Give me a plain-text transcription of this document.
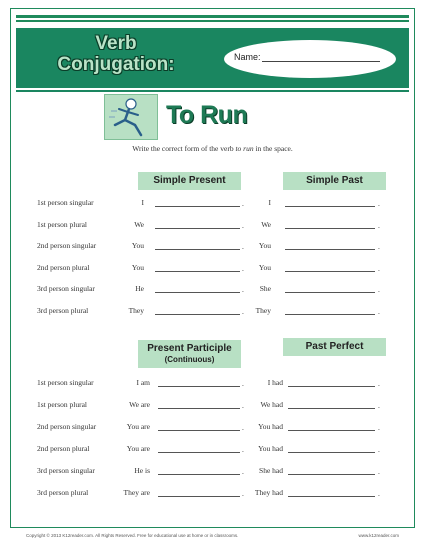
Verb
Conjugation:	Name:
To Run
Write the correct form of the verb to run in the space.
Simple Present	Simple Past
1st person singular	I	.	I	.
1st person plural	We	.	We	.
2nd person singular	You	.	You	.
2nd person plural	You	.	You	.
3rd person singular	He	.	She	.
3rd person plural	They	.	They	.
Present Participle
(Continuous)
Past Perfect
1st person singular	I am	.	I had	.
1st person plural	We are	.	We had	.
2nd person singular	You are	.	You had	.
2nd person plural	You are	.	You had	.
3rd person singular	He is	.	She had	.
3rd person plural	They are	.	They had	.
Copyright © 2013 K12reader.com. All Rights Reserved. Free for educational use at home or in classrooms.	www.k12reader.com
